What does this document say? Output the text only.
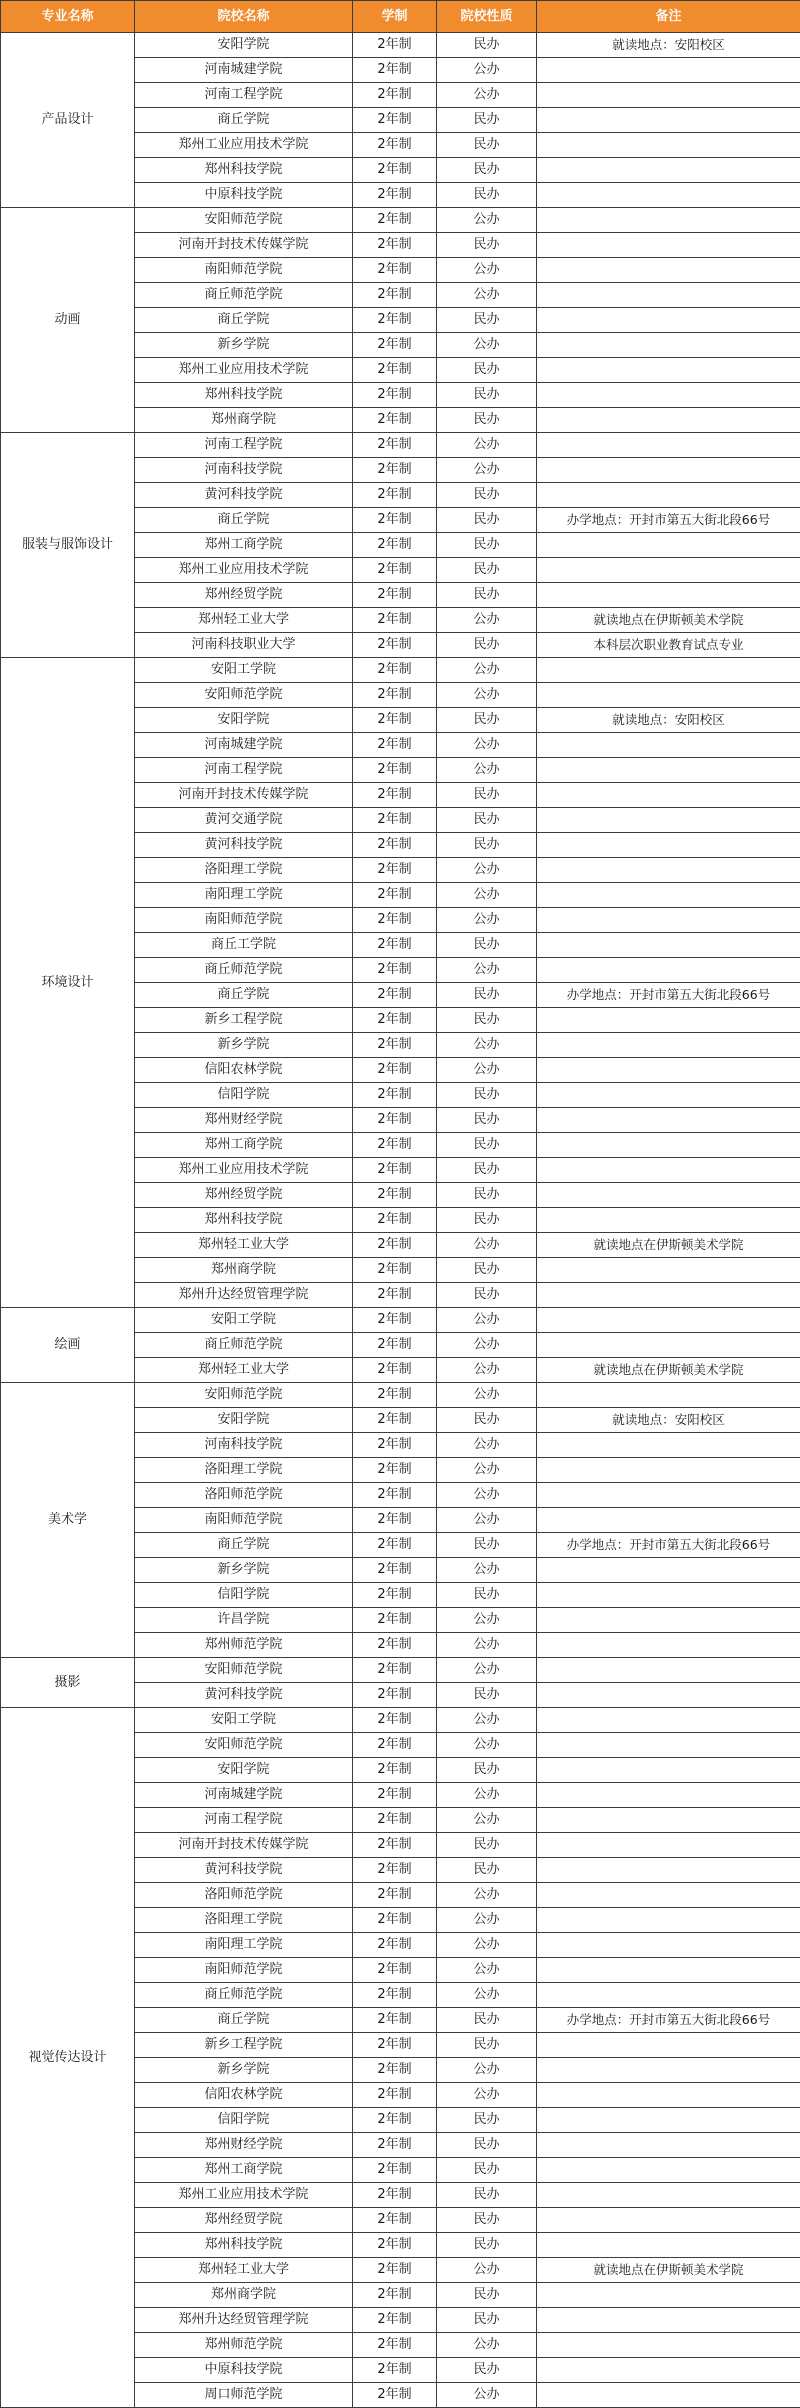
专业名称	院校名称	学制	院校性质	备注
产品设计	安阳学院	2年制	民办	就读地点：安阳校区
	河南城建学院	2年制	公办	
	河南工程学院	2年制	公办	
	商丘学院	2年制	民办	
	郑州工业应用技术学院	2年制	民办	
	郑州科技学院	2年制	民办	
	中原科技学院	2年制	民办	
动画	安阳师范学院	2年制	公办	
	河南开封技术传媒学院	2年制	民办	
	南阳师范学院	2年制	公办	
	商丘师范学院	2年制	公办	
	商丘学院	2年制	民办	
	新乡学院	2年制	公办	
	郑州工业应用技术学院	2年制	民办	
	郑州科技学院	2年制	民办	
	郑州商学院	2年制	民办	
服装与服饰设计	河南工程学院	2年制	公办	
	河南科技学院	2年制	公办	
	黄河科技学院	2年制	民办	
	商丘学院	2年制	民办	办学地点：开封市第五大街北段66号
	郑州工商学院	2年制	民办	
	郑州工业应用技术学院	2年制	民办	
	郑州经贸学院	2年制	民办	
	郑州轻工业大学	2年制	公办	就读地点在伊斯顿美术学院
	河南科技职业大学	2年制	民办	本科层次职业教育试点专业
环境设计	安阳工学院	2年制	公办	
	安阳师范学院	2年制	公办	
	安阳学院	2年制	民办	就读地点：安阳校区
	河南城建学院	2年制	公办	
	河南工程学院	2年制	公办	
	河南开封技术传媒学院	2年制	民办	
	黄河交通学院	2年制	民办	
	黄河科技学院	2年制	民办	
	洛阳理工学院	2年制	公办	
	南阳理工学院	2年制	公办	
	南阳师范学院	2年制	公办	
	商丘工学院	2年制	民办	
	商丘师范学院	2年制	公办	
	商丘学院	2年制	民办	办学地点：开封市第五大街北段66号
	新乡工程学院	2年制	民办	
	新乡学院	2年制	公办	
	信阳农林学院	2年制	公办	
	信阳学院	2年制	民办	
	郑州财经学院	2年制	民办	
	郑州工商学院	2年制	民办	
	郑州工业应用技术学院	2年制	民办	
	郑州经贸学院	2年制	民办	
	郑州科技学院	2年制	民办	
	郑州轻工业大学	2年制	公办	就读地点在伊斯顿美术学院
	郑州商学院	2年制	民办	
	郑州升达经贸管理学院	2年制	民办	
绘画	安阳工学院	2年制	公办	
	商丘师范学院	2年制	公办	
	郑州轻工业大学	2年制	公办	就读地点在伊斯顿美术学院
美术学	安阳师范学院	2年制	公办	
	安阳学院	2年制	民办	就读地点：安阳校区
	河南科技学院	2年制	公办	
	洛阳理工学院	2年制	公办	
	洛阳师范学院	2年制	公办	
	南阳师范学院	2年制	公办	
	商丘学院	2年制	民办	办学地点：开封市第五大街北段66号
	新乡学院	2年制	公办	
	信阳学院	2年制	民办	
	许昌学院	2年制	公办	
	郑州师范学院	2年制	公办	
摄影	安阳师范学院	2年制	公办	
	黄河科技学院	2年制	民办	
视觉传达设计	安阳工学院	2年制	公办	
	安阳师范学院	2年制	公办	
	安阳学院	2年制	民办	
	河南城建学院	2年制	公办	
	河南工程学院	2年制	公办	
	河南开封技术传媒学院	2年制	民办	
	黄河科技学院	2年制	民办	
	洛阳师范学院	2年制	公办	
	洛阳理工学院	2年制	公办	
	南阳理工学院	2年制	公办	
	南阳师范学院	2年制	公办	
	商丘师范学院	2年制	公办	
	商丘学院	2年制	民办	办学地点：开封市第五大街北段66号
	新乡工程学院	2年制	民办	
	新乡学院	2年制	公办	
	信阳农林学院	2年制	公办	
	信阳学院	2年制	民办	
	郑州财经学院	2年制	民办	
	郑州工商学院	2年制	民办	
	郑州工业应用技术学院	2年制	民办	
	郑州经贸学院	2年制	民办	
	郑州科技学院	2年制	民办	
	郑州轻工业大学	2年制	公办	就读地点在伊斯顿美术学院
	郑州商学院	2年制	民办	
	郑州升达经贸管理学院	2年制	民办	
	郑州师范学院	2年制	公办	
	中原科技学院	2年制	民办	
	周口师范学院	2年制	公办	
